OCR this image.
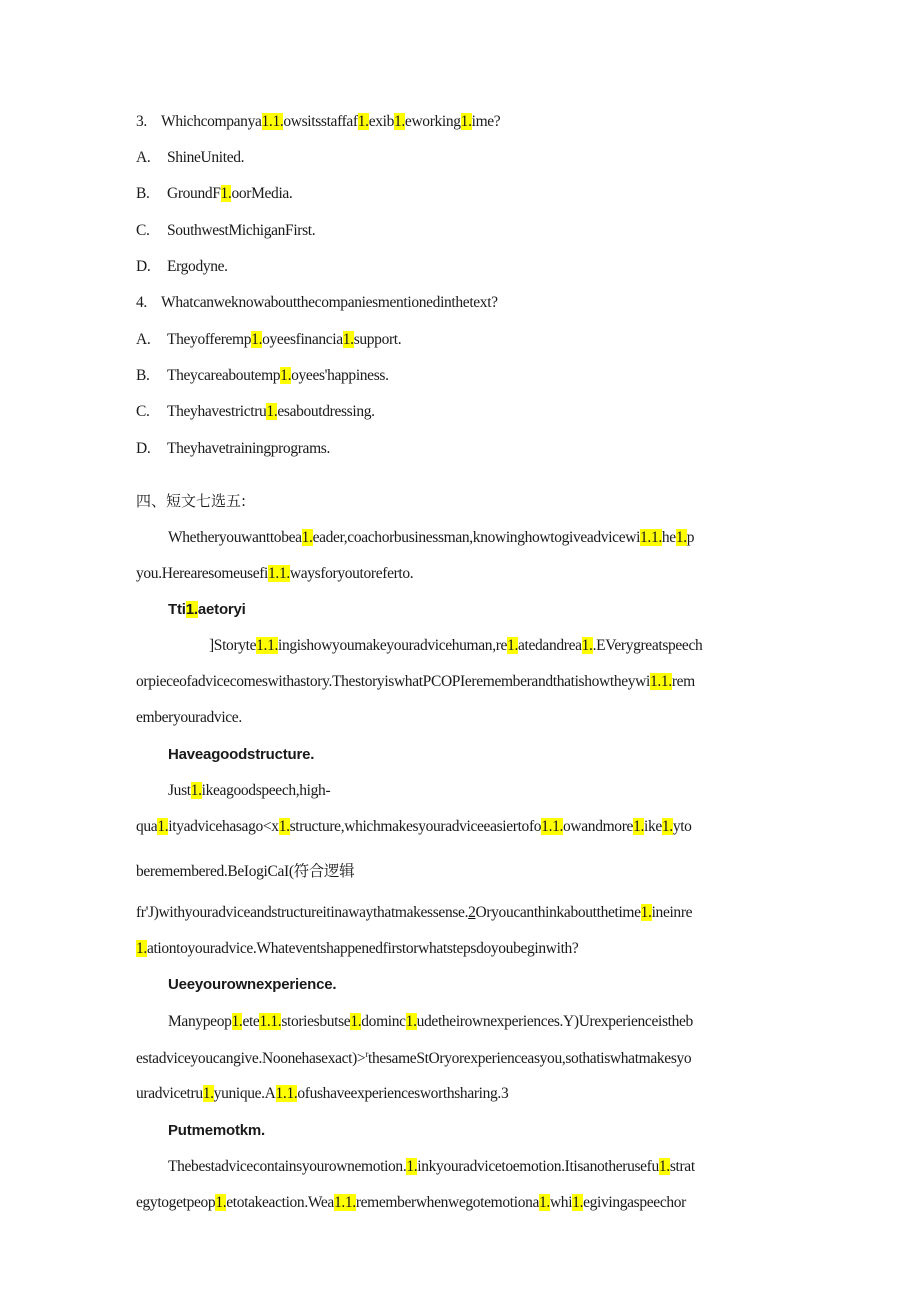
3. Whichcompanya1.1.owsitsstaffaf1.exib1.eworking1.ime?
A. ShineUnited.
B. GroundF1.oorMedia.
C. SouthwestMichiganFirst.
D. Ergodyne.
4. Whatcanweknowaboutthecompaniesmentionedinthetext?
A. Theyofferemp1.oyeesfinancia1.support.
B. Theycareaboutemp1.oyees'happiness.
C. Theyhavestrictru1.esaboutdressing.
D. Theyhavetrainingprograms.
四、短文七选五:
Whetheryouwanttobea1.eader,coachorbusinessman,knowinghowtogiveadvicewi1.1.he1.p
you.Herearesomeusefi1.1.waysforyoutoreferto.
Tti1.aetoryi
]Storyte1.1.ingishowyoumakeyouradvicehuman,re1.atedandrea1..EVerygreatspeech
orpieceofadvicecomeswithastory.ThestoryiswhatPCOPIerememberandthatishowtheywi1.1.rem
emberyouradvice.
Haveagoodstructure.
Just1.ikeagoodspeech,high-
qua1.ityadvicehasago<x1.structure,whichmakesyouradviceeasiertofo1.1.owandmore1.ike1.yto
beremembered.BeIogiCaI(符合逻辑
fr'J)withyouradviceandstructureitinawaythatmakessense.2Oryoucanthinkaboutthetime1.ineinre
1.ationtoyouradvice.Whateventshappenedfirstorwhatstepsdoyoubeginwith?
Ueeyourownexperience.
Manypeop1.ete1.1.storiesbutse1.dominc1.udetheirownexperiences.Y)Urexperienceistheb
estadviceyoucangive.Noonehasexact)>$^r$thesameStOryorexperienceasyou,sothatiswhatmakesyo
uradvicetru1.yunique.A1.1.ofushaveexperiencesworthsharing.3
Putmemotkm.
Thebestadvicecontainsyourownemotion.1.inkyouradvicetoemotion.Itisanotherusefu1.strat
egytogetpeop1.etotakeaction.Wea1.1.rememberwhenwegotemotiona1.whi1.egivingaspeechor
